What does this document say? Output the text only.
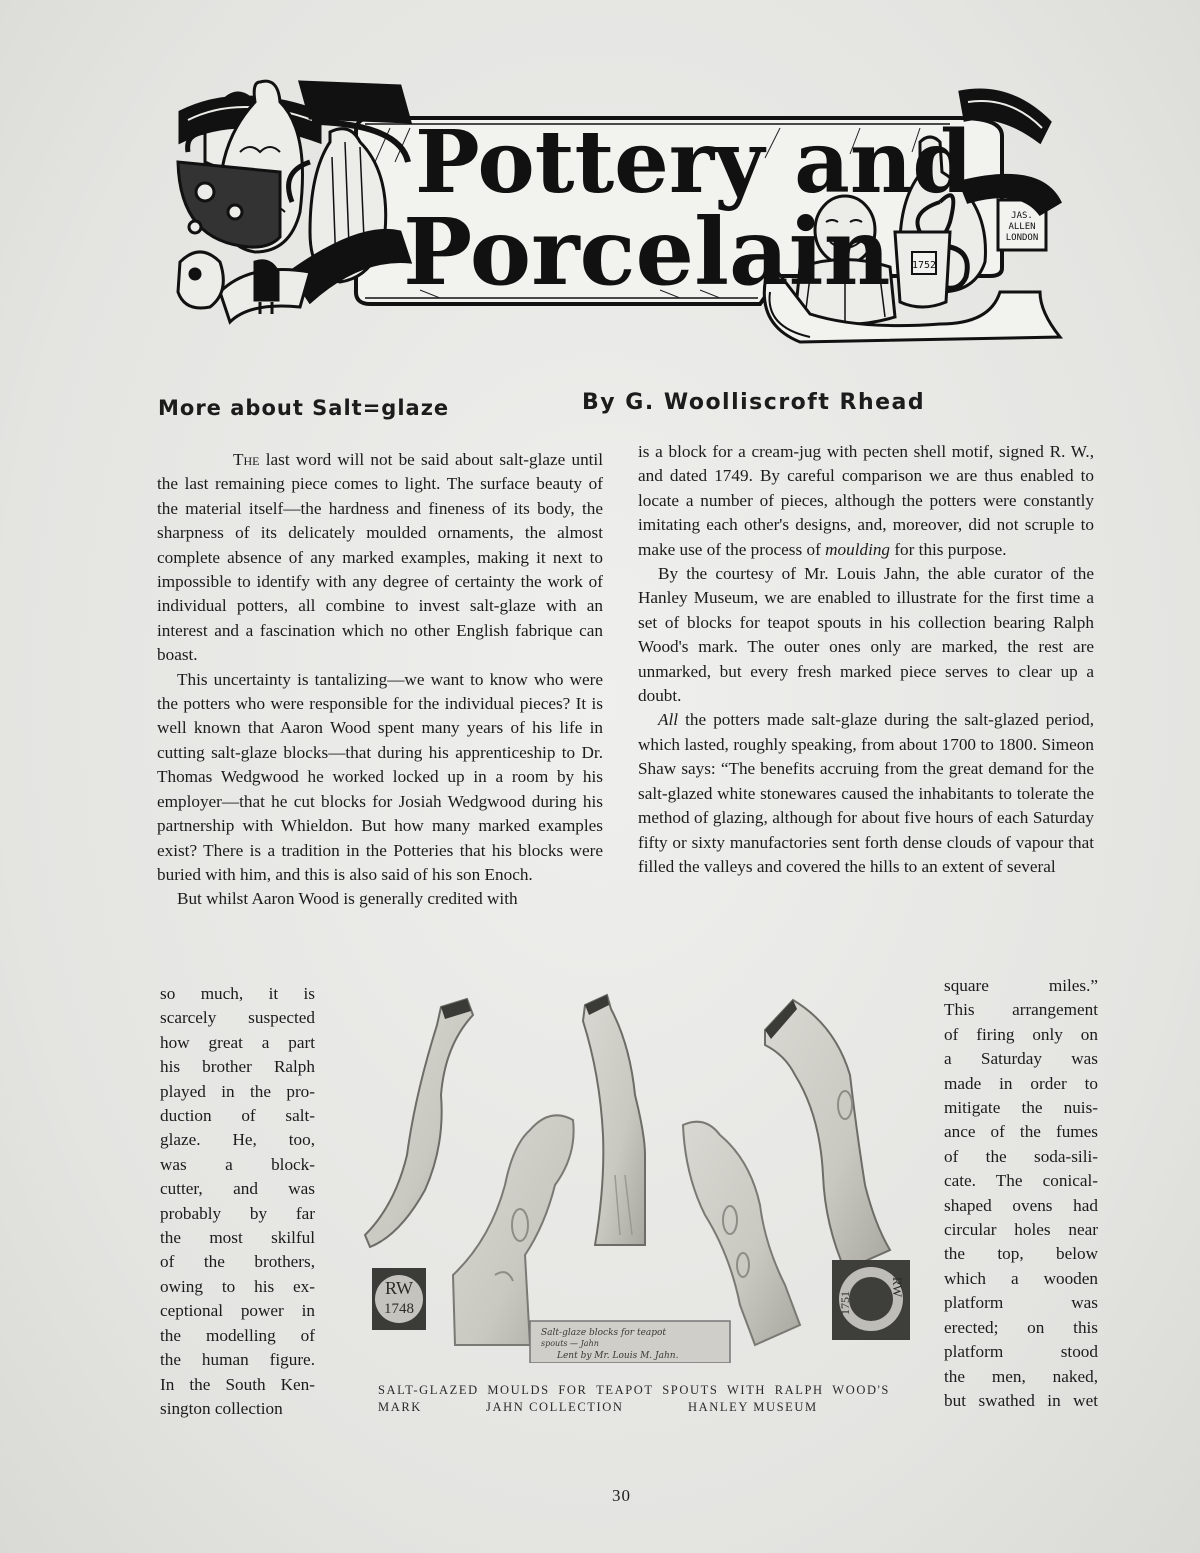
Pottery and
Porcelain	JAS. ALLEN LONDON
1752
More about Salt=glaze	By G. Woolliscroft Rhead

The last word will not be said about salt-glaze until the last remaining piece comes to light. The surface beauty of the material itself—the hardness and fineness of its body, the sharpness of its delicately moulded ornaments, the almost complete absence of any marked examples, making it next to impossible to identify with any degree of certainty the work of individual potters, all combine to invest salt-glaze with an interest and a fascination which no other English fabrique can boast.

This uncertainty is tantalizing—we want to know who were the potters who were responsible for the individual pieces? It is well known that Aaron Wood spent many years of his life in cutting salt-glaze blocks—that during his apprenticeship to Dr. Thomas Wedgwood he worked locked up in a room by his employer—that he cut blocks for Josiah Wedgwood during his partnership with Whieldon. But how many marked examples exist? There is a tradition in the Potteries that his blocks were buried with him, and this is also said of his son Enoch.

But whilst Aaron Wood is generally credited with

is a block for a cream-jug with pecten shell motif, signed R. W., and dated 1749. By careful comparison we are thus enabled to locate a number of pieces, although the potters were constantly imitating each other's designs, and, moreover, did not scruple to make use of the process of moulding for this purpose.

By the courtesy of Mr. Louis Jahn, the able curator of the Hanley Museum, we are enabled to illustrate for the first time a set of blocks for teapot spouts in his collection bearing Ralph Wood's mark. The outer ones only are marked, the rest are unmarked, but every fresh marked piece serves to clear up a doubt.

All the potters made salt-glaze during the salt-glazed period, which lasted, roughly speaking, from about 1700 to 1800. Simeon Shaw says: “The benefits accruing from the great demand for the salt-glazed white stonewares caused the inhabitants to tolerate the method of glazing, although for about five hours of each Saturday fifty or sixty manufactories sent forth dense clouds of vapour that filled the valleys and covered the hills to an extent of several

so much, it is
scarcely suspected
how great a part
his brother Ralph
played in the pro-
duction of salt-
glaze. He, too,
was a block-
cutter, and was
probably by far
the most skilful
of the brothers,
owing to his ex-
ceptional power in
the modelling of
the human figure.
In the South Ken-
sington collection
square miles.”
This arrangement
of firing only on
a Saturday was
made in order to
mitigate the nuis-
ance of the fumes
of the soda-sili-
cate. The conical-
shaped ovens had
circular holes near
the top, below
which a wooden
platform was
erected; on this
platform stood
the men, naked,
but swathed in wet
RW
1748
RW
1751
Salt-glaze blocks for teapot
spouts — Jahn
Lent by Mr. Louis M. Jahn.
SALT-GLAZED MOULDS FOR TEAPOT SPOUTS WITH RALPH WOOD'S
MARK	JAHN COLLECTION	HANLEY MUSEUM
30
